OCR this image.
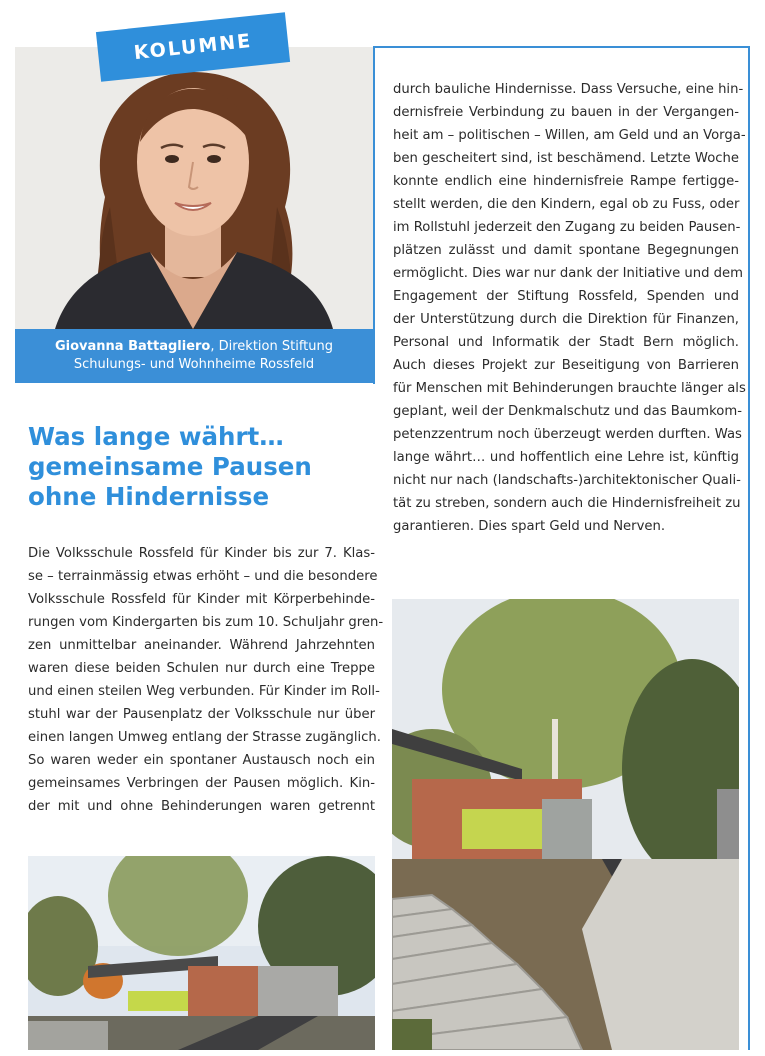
KOLUMNE
Giovanna Battagliero, Direktion Stiftung
Schulungs- und Wohnheime Rossfeld
Was lange währt…
gemeinsame Pausen
ohne Hindernisse
Die Volksschule Rossfeld für Kinder bis zur 7. Klas-
se – terrainmässig etwas erhöht – und die besondere
Volksschule Rossfeld für Kinder mit Körperbehinde-
rungen vom Kindergarten bis zum 10. Schuljahr gren-
zen unmittelbar aneinander. Während Jahrzehnten
waren diese beiden Schulen nur durch eine Treppe
und einen steilen Weg verbunden. Für Kinder im Roll-
stuhl war der Pausenplatz der Volksschule nur über
einen langen Umweg entlang der Strasse zugänglich.
So waren weder ein spontaner Austausch noch ein
gemeinsames Verbringen der Pausen möglich. Kin-
der mit und ohne Behinderungen waren getrennt
durch bauliche Hindernisse. Dass Versuche, eine hin-
dernisfreie Verbindung zu bauen in der Vergangen-
heit am – politischen – Willen, am Geld und an Vorga-
ben gescheitert sind, ist beschämend. Letzte Woche
konnte endlich eine hindernisfreie Rampe fertigge-
stellt werden, die den Kindern, egal ob zu Fuss, oder
im Rollstuhl jederzeit den Zugang zu beiden Pausen-
plätzen zulässt und damit spontane Begegnungen
ermöglicht. Dies war nur dank der Initiative und dem
Engagement der Stiftung Rossfeld, Spenden und
der Unterstützung durch die Direktion für Finanzen,
Personal und Informatik der Stadt Bern möglich.
Auch dieses Projekt zur Beseitigung von Barrieren
für Menschen mit Behinderungen brauchte länger als
geplant, weil der Denkmalschutz und das Baumkom-
petenzzentrum noch überzeugt werden durften. Was
lange währt… und hoffentlich eine Lehre ist, künftig
nicht nur nach (landschafts-)architektonischer Quali-
tät zu streben, sondern auch die Hindernisfreiheit zu
garantieren. Dies spart Geld und Nerven.
